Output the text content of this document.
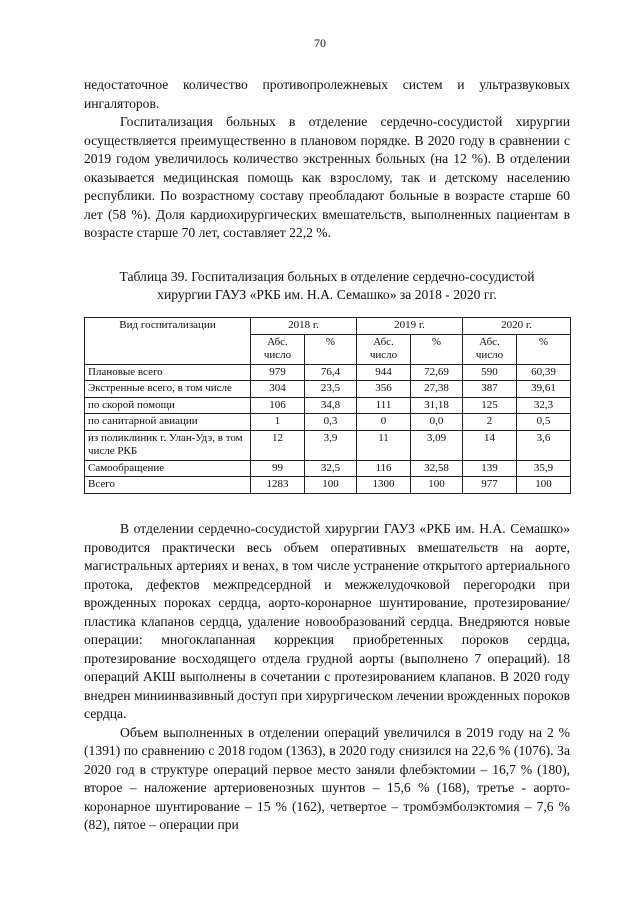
70

недостаточное количество противопролежневых систем и ультразвуковых ингаляторов.

Госпитализация больных в отделение сердечно-сосудистой хирургии осуществляется преимущественно в плановом порядке. В 2020 году в сравнении с 2019 годом увеличилось количество экстренных больных (на 12 %). В отделении оказывается медицинская помощь как взрослому, так и детскому населению республики. По возрастному составу преобладают больные в возрасте старше 60 лет (58 %). Доля кардиохирургических вмешательств, выполненных пациентам в возрасте старше 70 лет, составляет 22,2 %.

Таблица 39. Госпитализация больных в отделение сердечно-сосудистой
хирургии ГАУЗ «РКБ им. Н.А. Семашко» за 2018 - 2020 гг.
Вид госпитализации	2018 г.		2019 г.		2020 г.	
	Абс. число	%	Абс. число	%	Абс. число	%
Плановые всего	979	76,4	944	72,69	590	60,39
Экстренные всего, в том числе	304	23,5	356	27,38	387	39,61
по скорой помощи	106	34,8	111	31,18	125	32,3
по санитарной авиации	1	0,3	0	0,0	2	0,5
из поликлиник г. Улан-Удэ, в том числе РКБ	12	3,9	11	3,09	14	3,6
Самообращение	99	32,5	116	32,58	139	35,9
Всего	1283	100	1300	100	977	100

В отделении сердечно-сосудистой хирургии ГАУЗ «РКБ им. Н.А. Семашко» проводится практически весь объем оперативных вмешательств на аорте, магистральных артериях и венах, в том числе устранение открытого артериального протока, дефектов межпредсердной и межжелудочковой перегородки при врожденных пороках сердца, аорто-коронарное шунтирование, протезирование/пластика клапанов сердца, удаление новообразований сердца. Внедряются новые операции: многоклапанная коррекция приобретенных пороков сердца, протезирование восходящего отдела грудной аорты (выполнено 7 операций). 18 операций АКШ выполнены в сочетании с протезированием клапанов. В 2020 году внедрен миниинвазивный доступ при хирургическом лечении врожденных пороков сердца.

Объем выполненных в отделении операций увеличился в 2019 году на 2 % (1391) по сравнению с 2018 годом (1363), в 2020 году снизился на 22,6 % (1076). За 2020 год в структуре операций первое место заняли флебэктомии – 16,7 % (180), второе – наложение артериовенозных шунтов – 15,6 % (168), третье - аорто-коронарное шунтирование – 15 % (162), четвертое – тромбэмболэктомия – 7,6 % (82), пятое – операции при
